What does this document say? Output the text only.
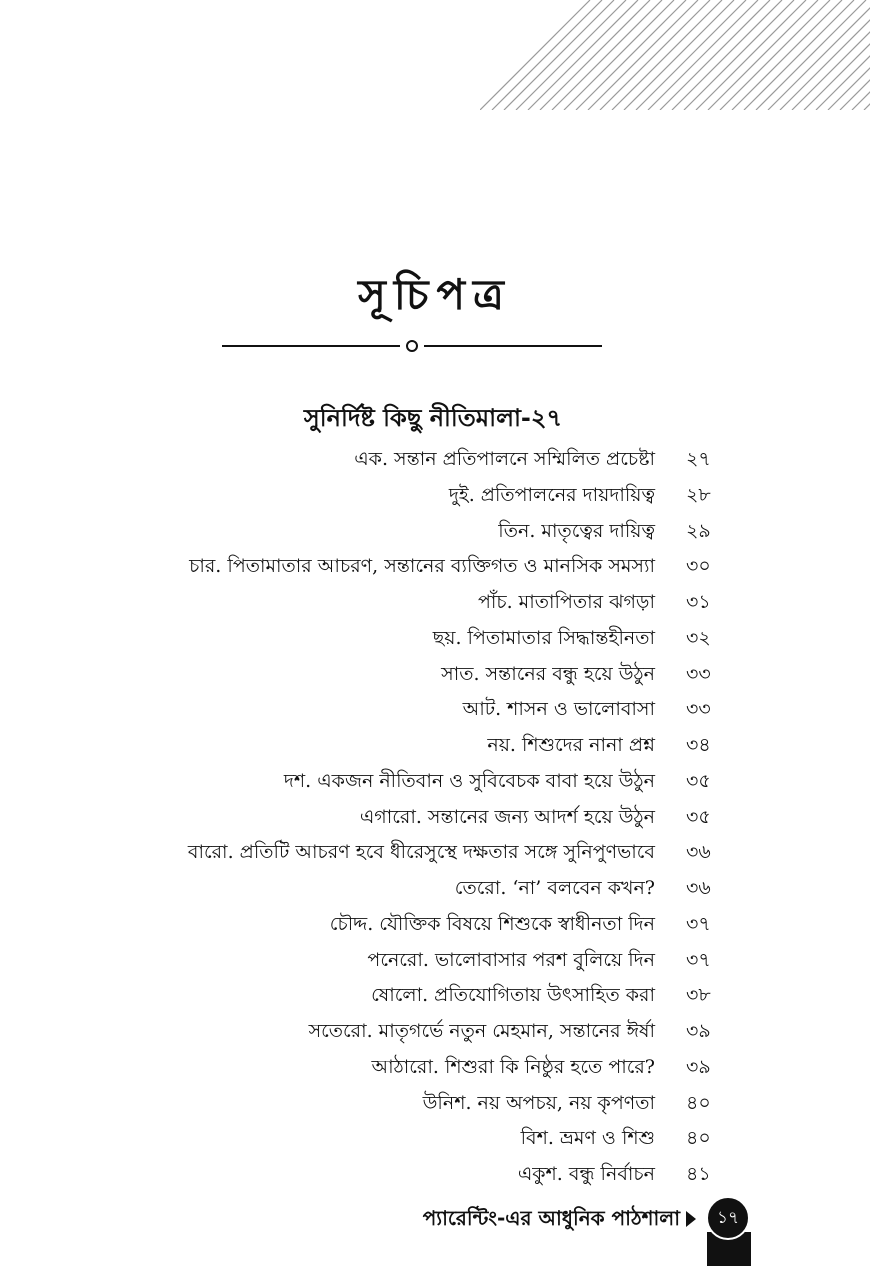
সূচিপত্র
সুনির্দিষ্ট কিছু নীতিমালা-২৭
এক. সন্তান প্রতিপালনে সম্মিলিত প্রচেষ্টা ২৭
দুই. প্রতিপালনের দায়দায়িত্ব ২৮
তিন. মাতৃত্বের দায়িত্ব ২৯
চার. পিতামাতার আচরণ, সন্তানের ব্যক্তিগত ও মানসিক সমস্যা ৩০
পাঁচ. মাতাপিতার ঝগড়া ৩১
ছয়. পিতামাতার সিদ্ধান্তহীনতা ৩২
সাত. সন্তানের বন্ধু হয়ে উঠুন ৩৩
আট. শাসন ও ভালোবাসা ৩৩
নয়. শিশুদের নানা প্রশ্ন ৩৪
দশ. একজন নীতিবান ও সুবিবেচক বাবা হয়ে উঠুন ৩৫
এগারো. সন্তানের জন্য আদর্শ হয়ে উঠুন ৩৫
বারো. প্রতিটি আচরণ হবে ধীরেসুস্থে দক্ষতার সঙ্গে সুনিপুণভাবে ৩৬
তেরো. ‘না’ বলবেন কখন? ৩৬
চৌদ্দ. যৌক্তিক বিষয়ে শিশুকে স্বাধীনতা দিন ৩৭
পনেরো. ভালোবাসার পরশ বুলিয়ে দিন ৩৭
ষোলো. প্রতিযোগিতায় উৎসাহিত করা ৩৮
সতেরো. মাতৃগর্ভে নতুন মেহমান, সন্তানের ঈর্ষা ৩৯
আঠারো. শিশুরা কি নিষ্ঠুর হতে পারে? ৩৯
উনিশ. নয় অপচয়, নয় কৃপণতা ৪০
বিশ. ভ্রমণ ও শিশু ৪০
একুশ. বন্ধু নির্বাচন ৪১
প্যারেন্টিং-এর আধুনিক পাঠশালা	১৭
